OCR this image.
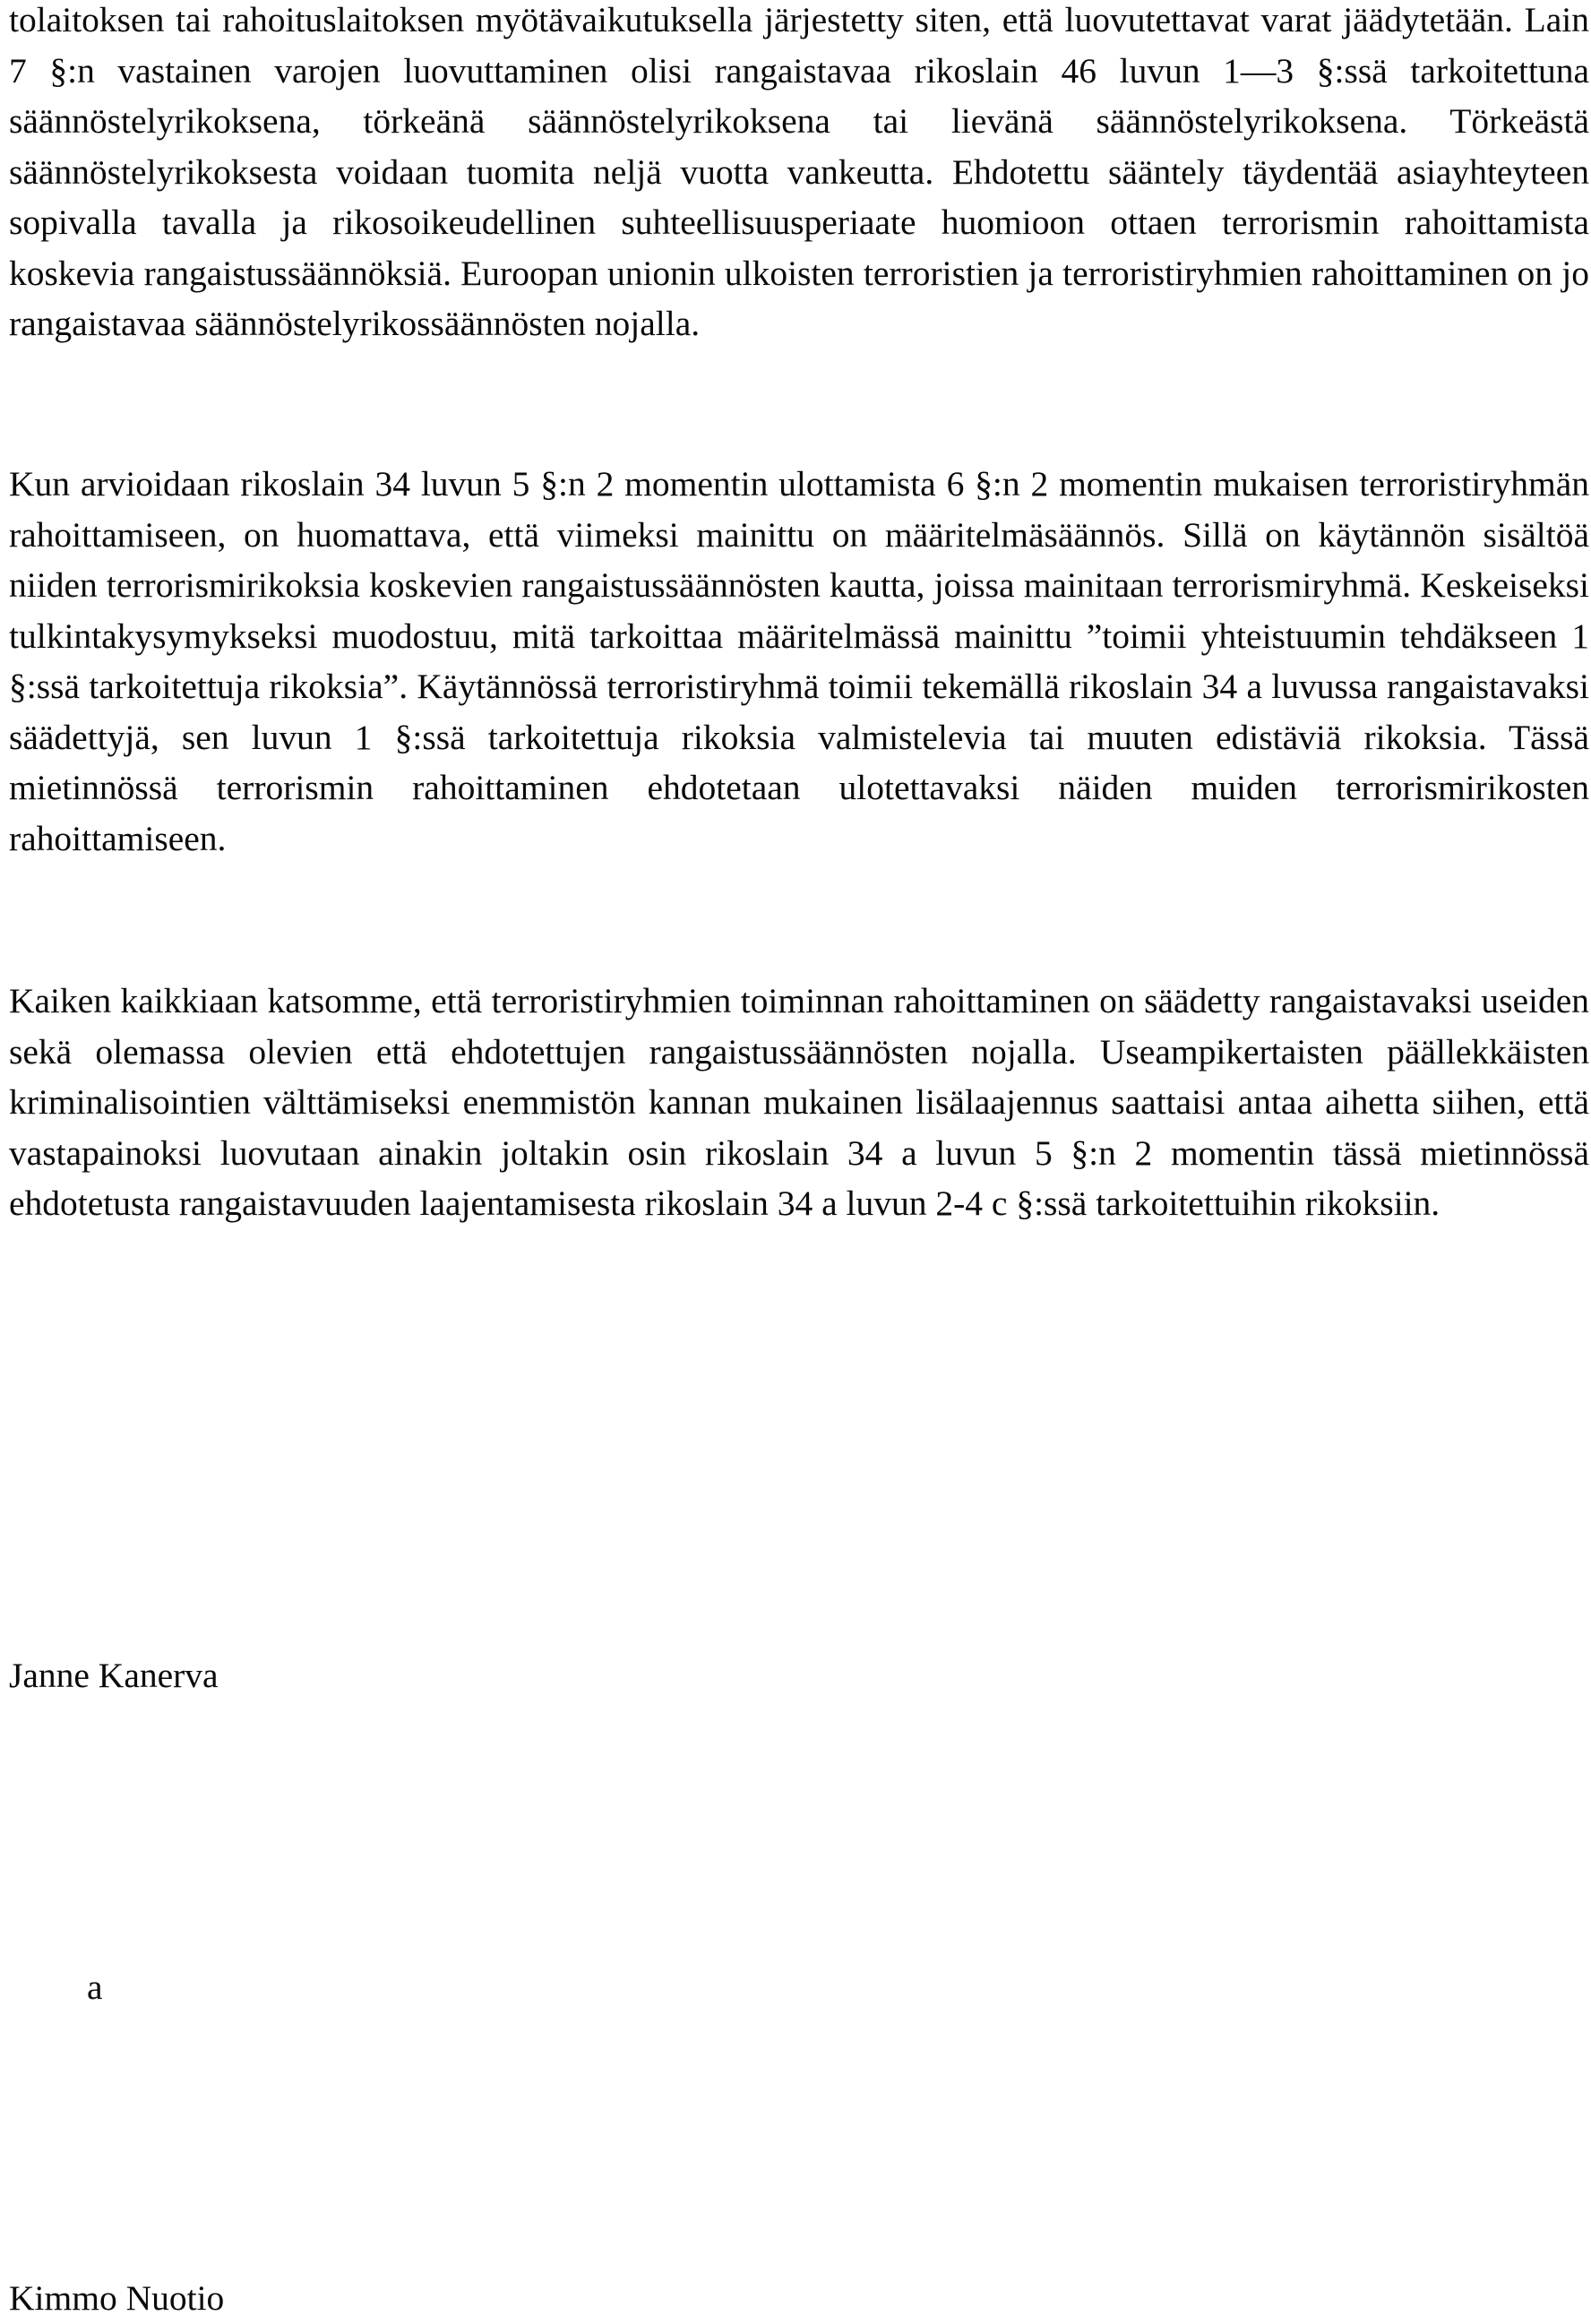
tolaitoksen tai rahoituslaitoksen myötävaikutuksella järjestetty siten, että luovutettavat varat jäädytetään. Lain 7 §:n vastainen varojen luovuttaminen olisi rangaistavaa rikoslain 46 luvun 1—3 §:ssä tarkoitettuna säännöstelyrikoksena, törkeänä säännöstelyrikoksena tai lievänä säännöstelyrikoksena. Törkeästä säännöstelyrikoksesta voidaan tuomita neljä vuotta vankeutta. Ehdotettu sääntely täydentää asiayhteyteen sopivalla tavalla ja rikosoikeudellinen suhteellisuusperiaate huomioon ottaen terrorismin rahoittamista koskevia rangaistussäännöksiä. Euroopan unionin ulkoisten terroristien ja terroristiryhmien rahoittaminen on jo rangaistavaa säännöstelyrikossäännösten nojalla.

Kun arvioidaan rikoslain 34 luvun 5 §:n 2 momentin ulottamista 6 §:n 2 momentin mukaisen terroristiryhmän rahoittamiseen, on huomattava, että viimeksi mainittu on määritelmäsäännös. Sillä on käytännön sisältöä niiden terrorismirikoksia koskevien rangaistussäännösten kautta, joissa mainitaan terrorismiryhmä. Keskeiseksi tulkintakysymykseksi muodostuu, mitä tarkoittaa määritelmässä mainittu ”toimii yhteistuumin tehdäkseen 1 §:ssä tarkoitettuja rikoksia”. Käytännössä terroristiryhmä toimii tekemällä rikoslain 34 a luvussa rangaistavaksi säädettyjä, sen luvun 1 §:ssä tarkoitettuja rikoksia valmistelevia tai muuten edistäviä rikoksia. Tässä mietinnössä terrorismin rahoittaminen ehdotetaan ulotettavaksi näiden muiden terrorismirikosten rahoittamiseen.

Kaiken kaikkiaan katsomme, että terroristiryhmien toiminnan rahoittaminen on säädetty rangaistavaksi useiden sekä olemassa olevien että ehdotettujen rangaistussäännösten nojalla. Useampikertaisten päällekkäisten kriminalisointien välttämiseksi enemmistön kannan mukainen lisälaajennus saattaisi antaa aihetta siihen, että vastapainoksi luovutaan ainakin joltakin osin rikoslain 34 a luvun 5 §:n 2 momentin tässä mietinnössä ehdotetusta rangaistavuuden laajentamisesta rikoslain 34 a luvun 2-4 c §:ssä tarkoitettuihin rikoksiin.

Janne Kanerva
a
Kimmo Nuotio
